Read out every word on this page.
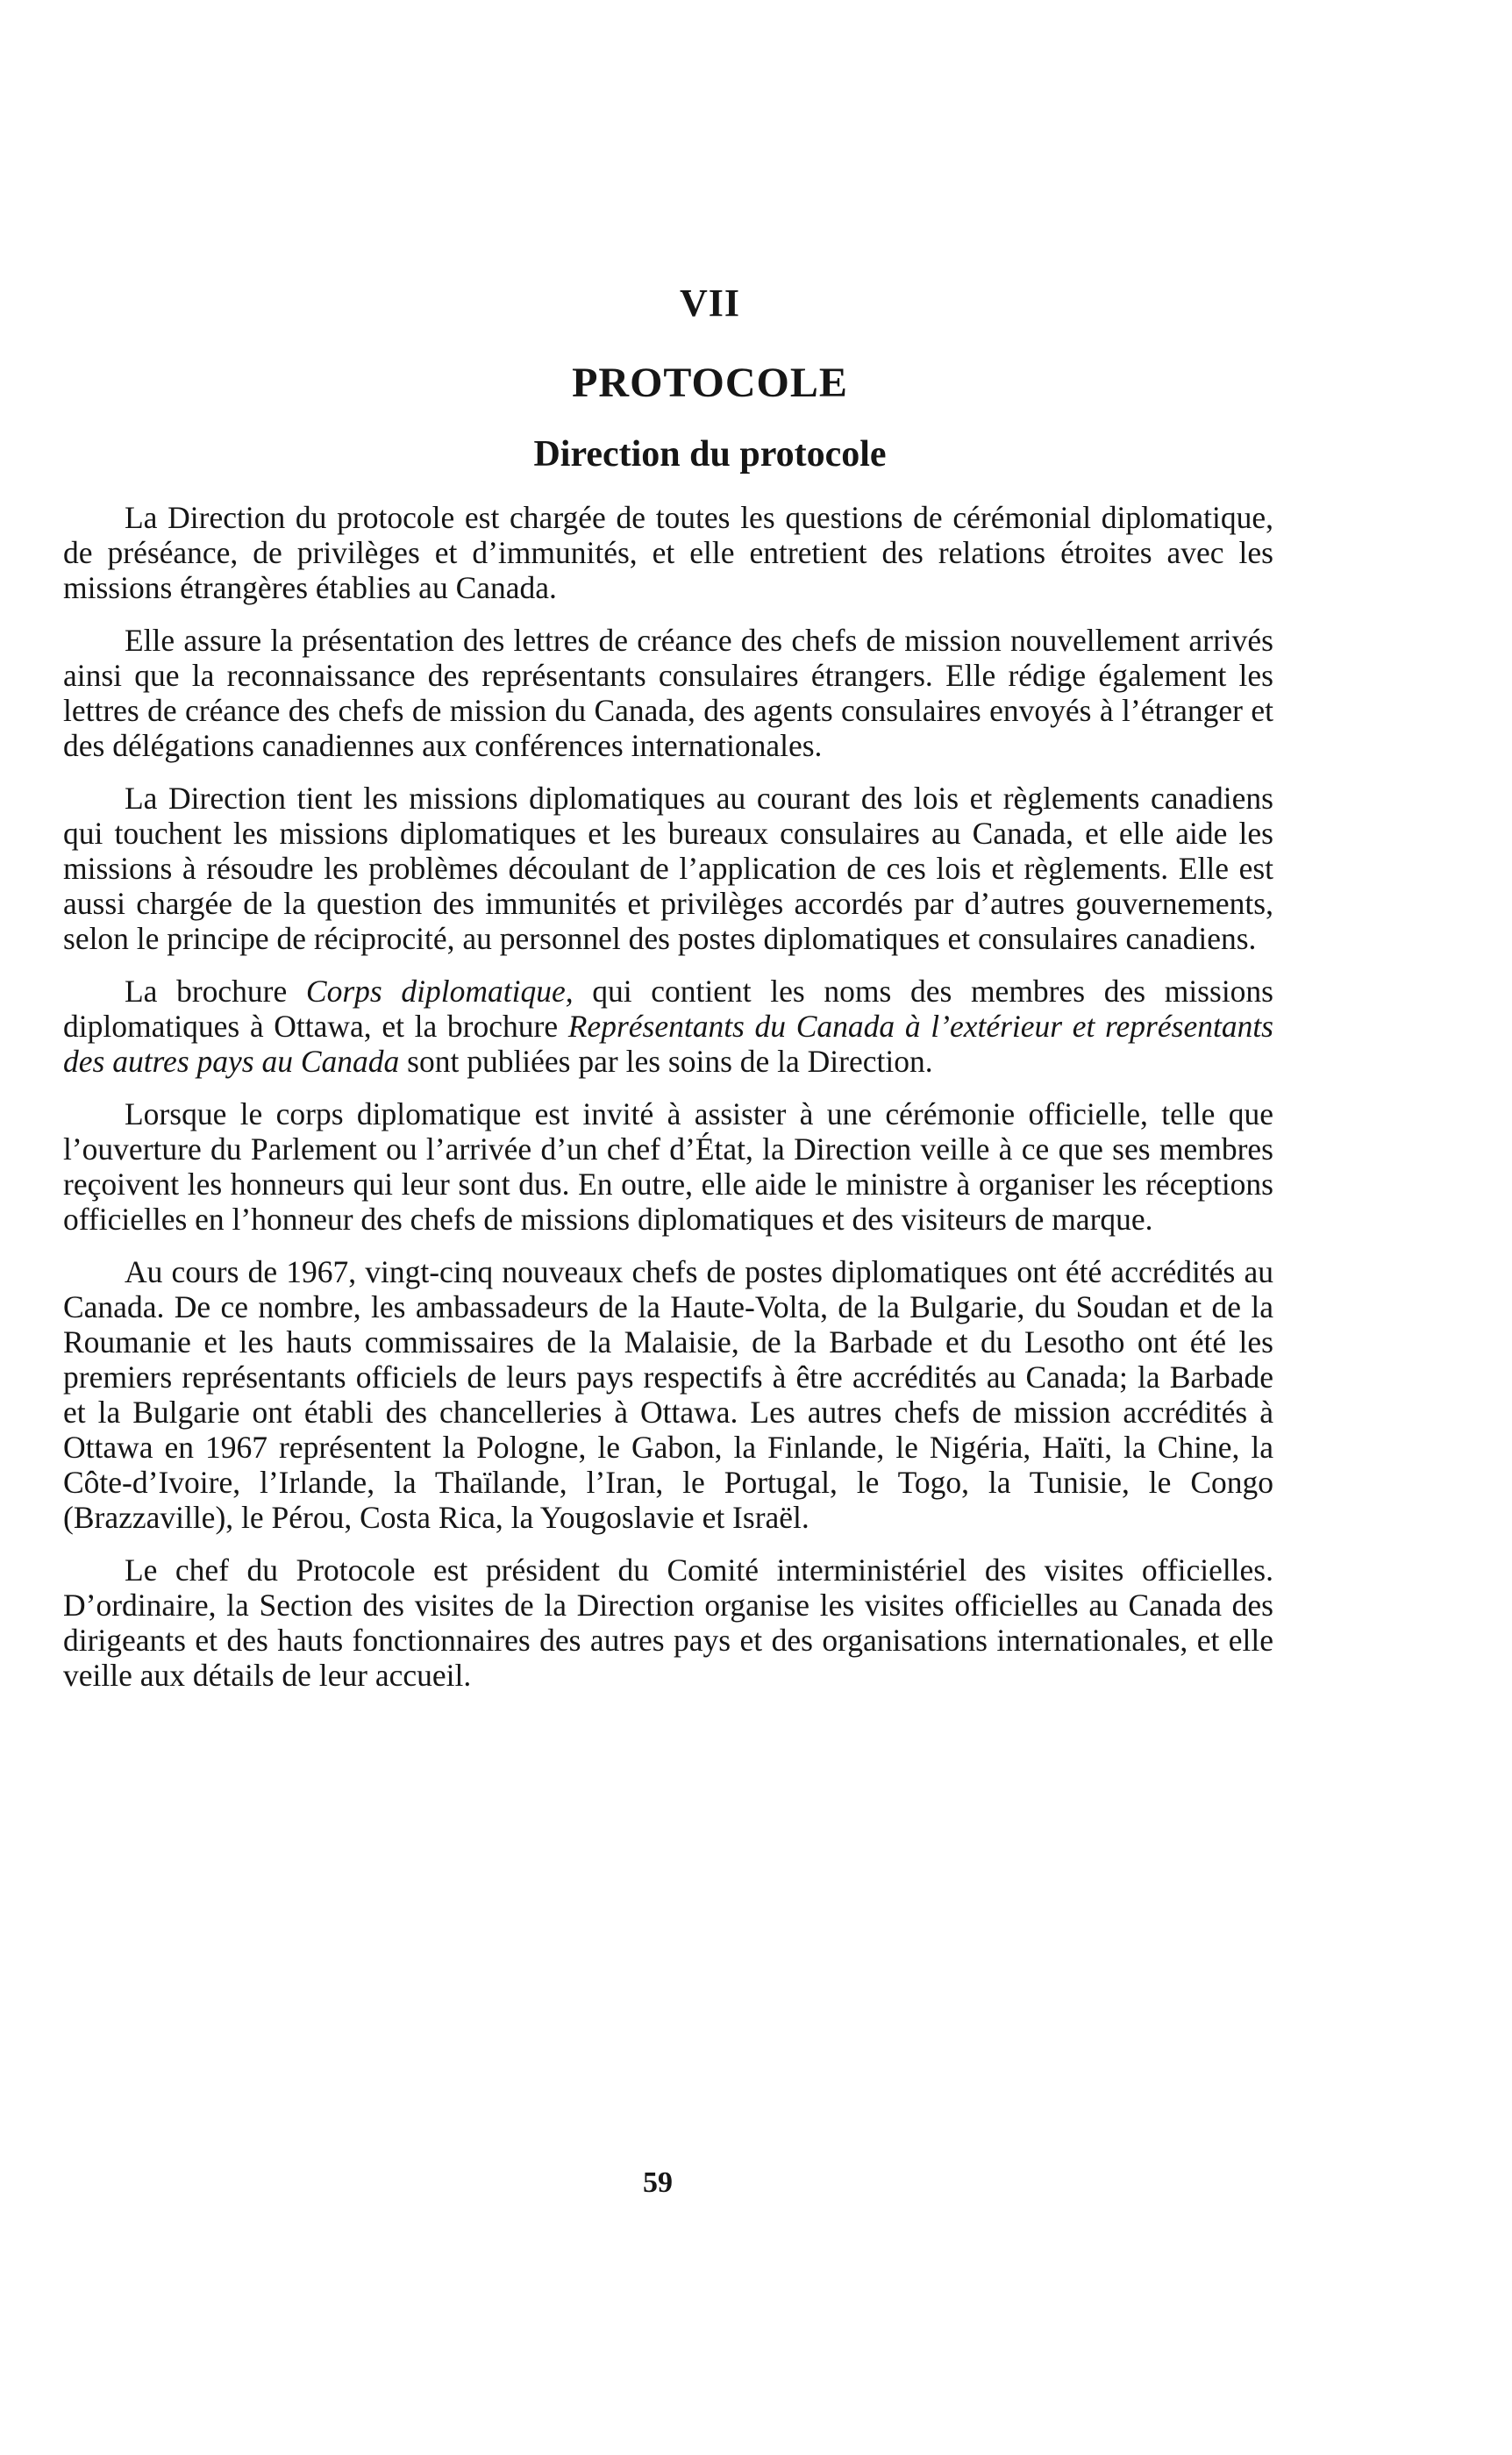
VII
PROTOCOLE
Direction du protocole

La Direction du protocole est chargée de toutes les questions de cérémonial diplomatique, de préséance, de privilèges et d’immunités, et elle entretient des relations étroites avec les missions étrangères établies au Canada.

Elle assure la présentation des lettres de créance des chefs de mission nouvellement arrivés ainsi que la reconnaissance des représentants consulaires étrangers. Elle rédige également les lettres de créance des chefs de mission du Canada, des agents consulaires envoyés à l’étranger et des délégations canadiennes aux conférences internationales.

La Direction tient les missions diplomatiques au courant des lois et règlements canadiens qui touchent les missions diplomatiques et les bureaux consulaires au Canada, et elle aide les missions à résoudre les problèmes découlant de l’application de ces lois et règlements. Elle est aussi chargée de la question des immunités et privilèges accordés par d’autres gouvernements, selon le principe de réciprocité, au personnel des postes diplomatiques et consulaires canadiens.

La brochure Corps diplomatique, qui contient les noms des membres des missions diplomatiques à Ottawa, et la brochure Représentants du Canada à l’extérieur et représentants des autres pays au Canada sont publiées par les soins de la Direction.

Lorsque le corps diplomatique est invité à assister à une cérémonie officielle, telle que l’ouverture du Parlement ou l’arrivée d’un chef d’État, la Direction veille à ce que ses membres reçoivent les honneurs qui leur sont dus. En outre, elle aide le ministre à organiser les réceptions officielles en l’honneur des chefs de missions diplomatiques et des visiteurs de marque.

Au cours de 1967, vingt-cinq nouveaux chefs de postes diplomatiques ont été accrédités au Canada. De ce nombre, les ambassadeurs de la Haute-Volta, de la Bulgarie, du Soudan et de la Roumanie et les hauts commissaires de la Malaisie, de la Barbade et du Lesotho ont été les premiers représentants officiels de leurs pays respectifs à être accrédités au Canada; la Barbade et la Bulgarie ont établi des chancelleries à Ottawa. Les autres chefs de mission accrédités à Ottawa en 1967 représentent la Pologne, le Gabon, la Finlande, le Nigéria, Haïti, la Chine, la Côte-d’Ivoire, l’Irlande, la Thaïlande, l’Iran, le Portugal, le Togo, la Tunisie, le Congo (Brazzaville), le Pérou, Costa Rica, la Yougoslavie et Israël.

Le chef du Protocole est président du Comité interministériel des visites officielles. D’ordinaire, la Section des visites de la Direction organise les visites officielles au Canada des dirigeants et des hauts fonctionnaires des autres pays et des organisations internationales, et elle veille aux détails de leur accueil.

59
